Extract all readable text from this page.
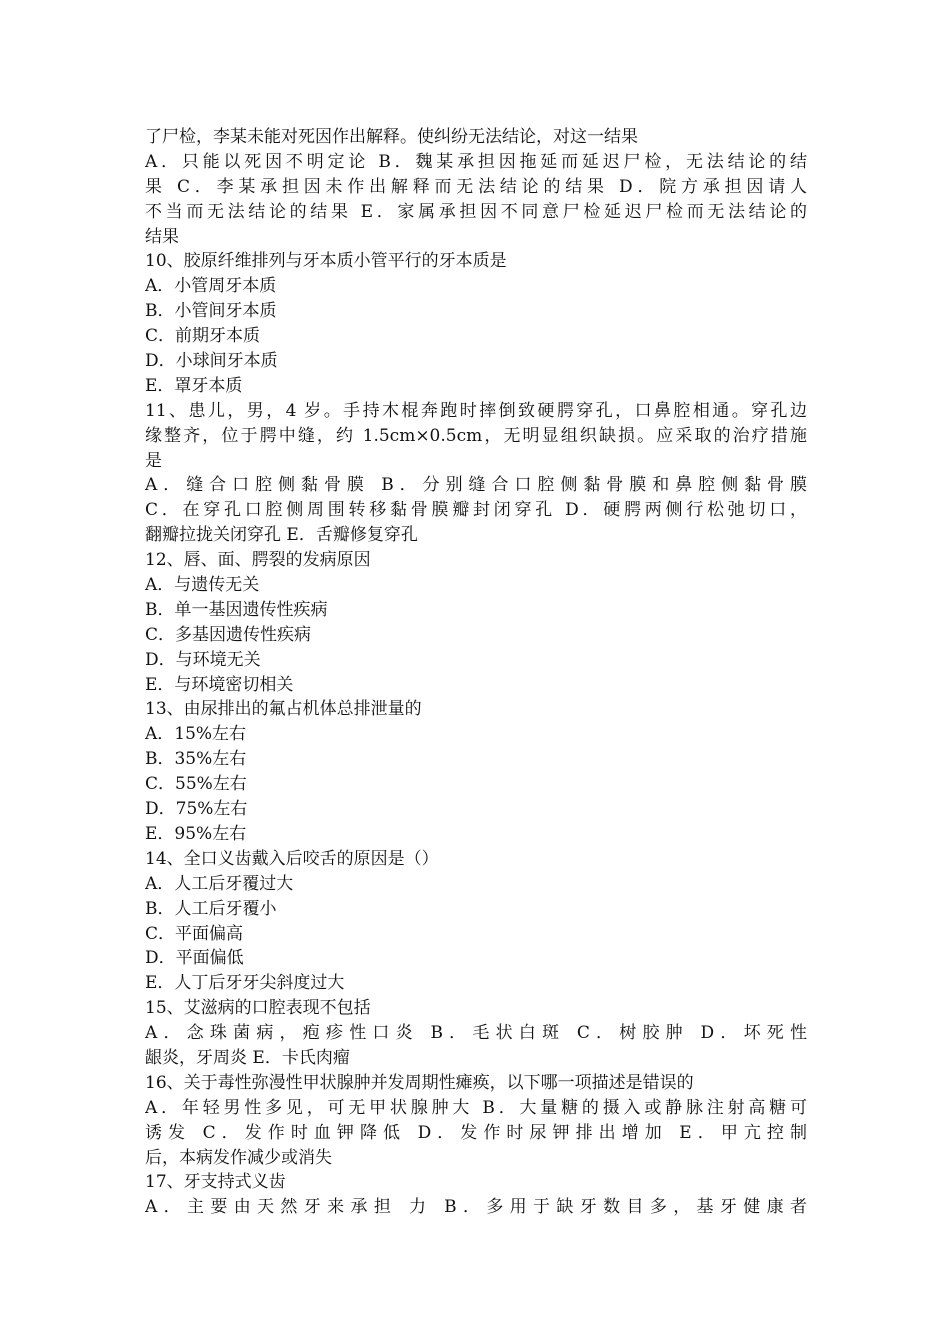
了尸检，李某未能对死因作出解释。使纠纷无法结论，对这一结果
A．只能以死因不明定论 B．魏某承担因拖延而延迟尸检，无法结论的结
果 C．李某承担因未作出解释而无法结论的结果 D．院方承担因请人
不当而无法结论的结果 E．家属承担因不同意尸检延迟尸检而无法结论的
结果
10、胶原纤维排列与牙本质小管平行的牙本质是
A．小管周牙本质
B．小管间牙本质
C．前期牙本质
D．小球间牙本质
E．罩牙本质
11、患儿，男，4 岁。手持木棍奔跑时摔倒致硬腭穿孔，口鼻腔相通。穿孔边
缘整齐，位于腭中缝，约 1.5cm×0.5cm，无明显组织缺损。应采取的治疗措施
是
A．缝合口腔侧黏骨膜 B．分别缝合口腔侧黏骨膜和鼻腔侧黏骨膜
C．在穿孔口腔侧周围转移黏骨膜瓣封闭穿孔 D．硬腭两侧行松弛切口，
翻瓣拉拢关闭穿孔 E．舌瓣修复穿孔
12、唇、面、腭裂的发病原因
A．与遗传无关
B．单一基因遗传性疾病
C．多基因遗传性疾病
D．与环境无关
E．与环境密切相关
13、由尿排出的氟占机体总排泄量的
A．15%左右
B．35%左右
C．55%左右
D．75%左右
E．95%左右
14、全口义齿戴入后咬舌的原因是（）
A．人工后牙覆过大
B．人工后牙覆小
C．平面偏高
D．平面偏低
E．人丁后牙牙尖斜度过大
15、艾滋病的口腔表现不包括
A．念珠菌病，疱疹性口炎 B．毛状白斑 C．树胶肿 D．坏死性
龈炎，牙周炎 E．卡氏肉瘤
16、关于毒性弥漫性甲状腺肿并发周期性瘫痪，以下哪一项描述是错误的
A．年轻男性多见，可无甲状腺肿大 B．大量糖的摄入或静脉注射高糖可
诱发 C．发作时血钾降低 D．发作时尿钾排出增加 E．甲亢控制
后，本病发作减少或消失
17、牙支持式义齿
A．主要由天然牙来承担 力 B．多用于缺牙数目多，基牙健康者
